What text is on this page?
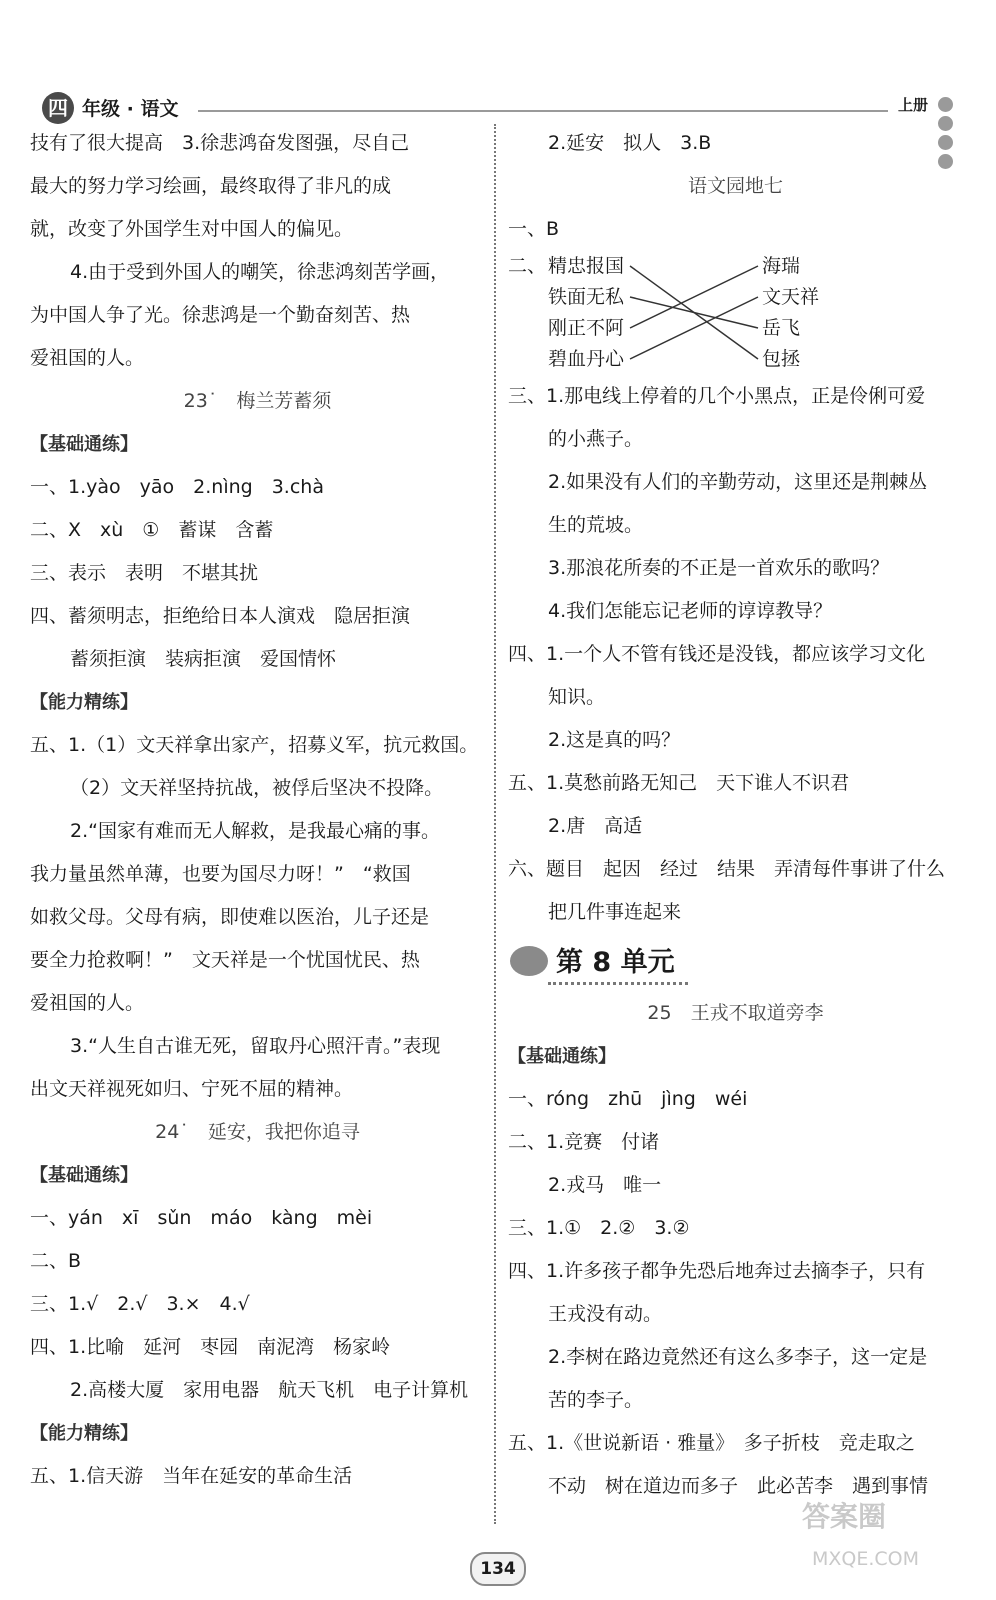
四 年级 · 语文	上册
技有了很大提高　3.徐悲鸿奋发图强，尽自己
最大的努力学习绘画，最终取得了非凡的成
就，改变了外国学生对中国人的偏见。
4.由于受到外国人的嘲笑，徐悲鸿刻苦学画，
为中国人争了光。徐悲鸿是一个勤奋刻苦、热
爱祖国的人。
23˙　梅兰芳蓄须
【基础通练】
一、1.yào　yāo　2.nìng　3.chà
二、X　xù　①　蓄谋　含蓄
三、表示　表明　不堪其扰
四、蓄须明志，拒绝给日本人演戏　隐居拒演
蓄须拒演　装病拒演　爱国情怀
【能力精练】
五、1.（1）文天祥拿出家产，招募义军，抗元救国。
（2）文天祥坚持抗战，被俘后坚决不投降。
2.“国家有难而无人解救，是我最心痛的事。
我力量虽然单薄，也要为国尽力呀！”　“救国
如救父母。父母有病，即使难以医治，儿子还是
要全力抢救啊！”　文天祥是一个忧国忧民、热
爱祖国的人。
3.“人生自古谁无死，留取丹心照汗青。”表现
出文天祥视死如归、宁死不屈的精神。
24˙　延安，我把你追寻
【基础通练】
一、yán　xī　sǔn　máo　kàng　mèi
二、B
三、1.√　2.√　3.×　4.√
四、1.比喻　延河　枣园　南泥湾　杨家岭
2.高楼大厦　家用电器　航天飞机　电子计算机
【能力精练】
五、1.信天游　当年在延安的革命生活
2.延安　拟人　3.B
语文园地七
一、B
二、 精忠报国
铁面无私
刚正不阿
碧血丹心
海瑞
文天祥
岳飞
包拯
三、1.那电线上停着的几个小黑点，正是伶俐可爱
的小燕子。
2.如果没有人们的辛勤劳动，这里还是荆棘丛
生的荒坡。
3.那浪花所奏的不正是一首欢乐的歌吗？
4.我们怎能忘记老师的谆谆教导？
四、1.一个人不管有钱还是没钱，都应该学习文化
知识。
2.这是真的吗？
五、1.莫愁前路无知己　天下谁人不识君
2.唐　高适
六、题目　起因　经过　结果　弄清每件事讲了什么
把几件事连起来
第 8 单元
25　王戎不取道旁李
【基础通练】
一、róng　zhū　jìng　wéi
二、1.竞赛　付诸
2.戎马　唯一
三、1.①　2.②　3.②
四、1.许多孩子都争先恐后地奔过去摘李子，只有
王戎没有动。
2.李树在路边竟然还有这么多李子，这一定是
苦的李子。
五、1.《世说新语 · 雅量》　多子折枝　竞走取之
不动　树在道边而多子　此必苦李　遇到事情
134
答案圈
MXQE.COM
